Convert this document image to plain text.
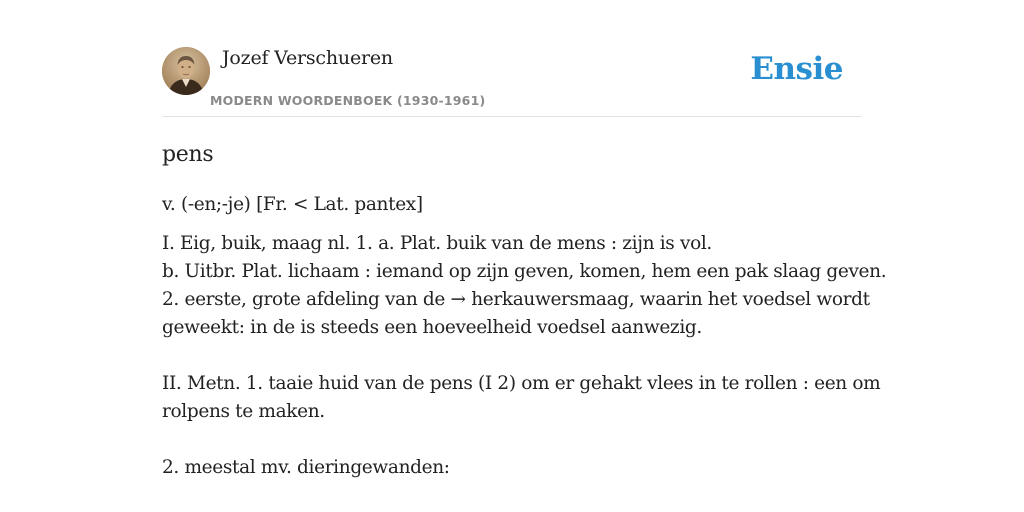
Jozef Verschueren
MODERN WOORDENBOEK (1930-1961)
Ensie
pens
v. (-en;-je) [Fr. < Lat. pantex]
I. Eig, buik, maag nl. 1. a. Plat. buik van de mens : zijn is vol.
b. Uitbr. Plat. lichaam : iemand op zijn geven, komen, hem een pak slaag geven.
2. eerste, grote afdeling van de → herkauwersmaag, waarin het voedsel wordt
geweekt: in de is steeds een hoeveelheid voedsel aanwezig.
II. Metn. 1. taaie huid van de pens (I 2) om er gehakt vlees in te rollen : een om
rolpens te maken.
2. meestal mv. dieringewanden:
